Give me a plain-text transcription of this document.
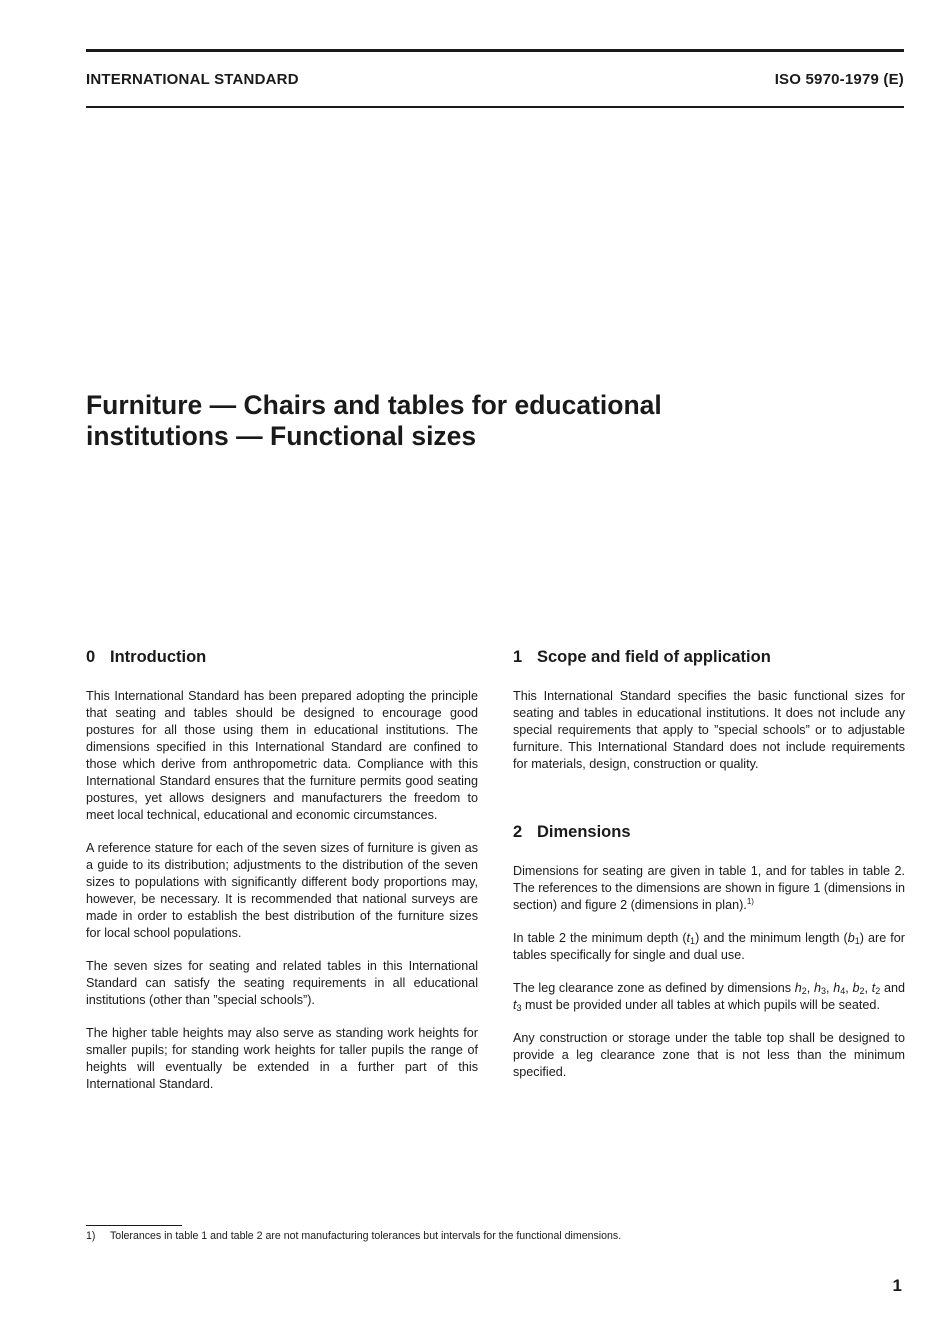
INTERNATIONAL STANDARD	ISO 5970-1979 (E)
Furniture — Chairs and tables for educational
institutions — Functional sizes
0 Introduction

This International Standard has been prepared adopting the principle that seating and tables should be designed to encourage good postures for all those using them in educational institutions. The dimensions specified in this International Standard are confined to those which derive from anthropometric data. Compliance with this International Standard ensures that the furniture permits good seating postures, yet allows designers and manufacturers the freedom to meet local technical, educational and economic circumstances.

A reference stature for each of the seven sizes of furniture is given as a guide to its distribution; adjustments to the distribution of the seven sizes to populations with significantly different body proportions may, however, be necessary. It is recommended that national surveys are made in order to establish the best distribution of the furniture sizes for local school populations.

The seven sizes for seating and related tables in this International Standard can satisfy the seating requirements in all educational institutions (other than ”special schools”).

The higher table heights may also serve as standing work heights for smaller pupils; for standing work heights for taller pupils the range of heights will eventually be extended in a further part of this International Standard.

1 Scope and field of application

This International Standard specifies the basic functional sizes for seating and tables in educational institutions. It does not include any special requirements that apply to ”special schools” or to adjustable furniture. This International Standard does not include requirements for materials, design, construction or quality.

2 Dimensions

Dimensions for seating are given in table 1, and for tables in table 2. The references to the dimensions are shown in figure 1 (dimensions in section) and figure 2 (dimensions in plan).$^{1)}$

In table 2 the minimum depth $(t_1)$ and the minimum length $(b_1)$ are for tables specifically for single and dual use.

The leg clearance zone as defined by dimensions $h_2$, $h_3$, $h_4$, $b_2$, $t_2$ and $t_3$ must be provided under all tables at which pupils will be seated.

Any construction or storage under the table top shall be designed to provide a leg clearance zone that is not less than the minimum specified.

1) Tolerances in table 1 and table 2 are not manufacturing tolerances but intervals for the functional dimensions.
1
